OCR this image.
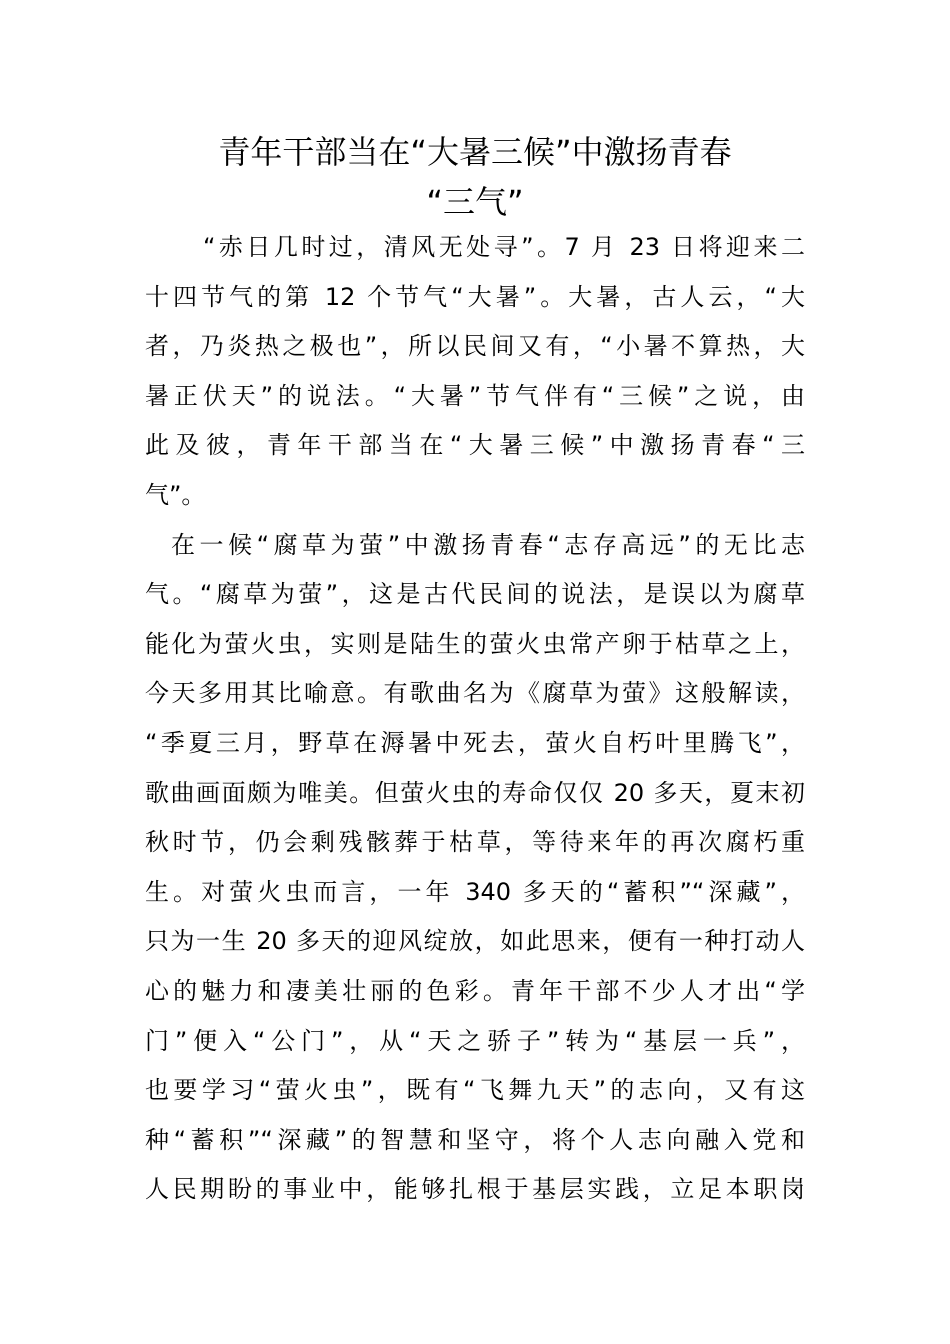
青年干部当在“大暑三候”中激扬青春
“三气”
“赤日几时过，清风无处寻”。7 月 23 日将迎来二
十四节气的第 12 个节气“大暑”。大暑，古人云，“大
者，乃炎热之极也”，所以民间又有，“小暑不算热，大
暑正伏天”的说法。“大暑”节气伴有“三候”之说，由
此及彼，青年干部当在“大暑三候”中激扬青春“三
气”。
在一候“腐草为萤”中激扬青春“志存高远”的无比志
气。“腐草为萤”，这是古代民间的说法，是误以为腐草
能化为萤火虫，实则是陆生的萤火虫常产卵于枯草之上，
今天多用其比喻意。有歌曲名为《腐草为萤》这般解读，
“季夏三月，野草在溽暑中死去，萤火自朽叶里腾飞”，
歌曲画面颇为唯美。但萤火虫的寿命仅仅 20 多天，夏末初
秋时节，仍会剩残骸葬于枯草，等待来年的再次腐朽重
生。对萤火虫而言，一年 340 多天的“蓄积”“深藏”，
只为一生 20 多天的迎风绽放，如此思来，便有一种打动人
心的魅力和凄美壮丽的色彩。青年干部不少人才出“学
门”便入“公门”，从“天之骄子”转为“基层一兵”，
也要学习“萤火虫”，既有“飞舞九天”的志向，又有这
种“蓄积”“深藏”的智慧和坚守，将个人志向融入党和
人民期盼的事业中，能够扎根于基层实践，立足本职岗
